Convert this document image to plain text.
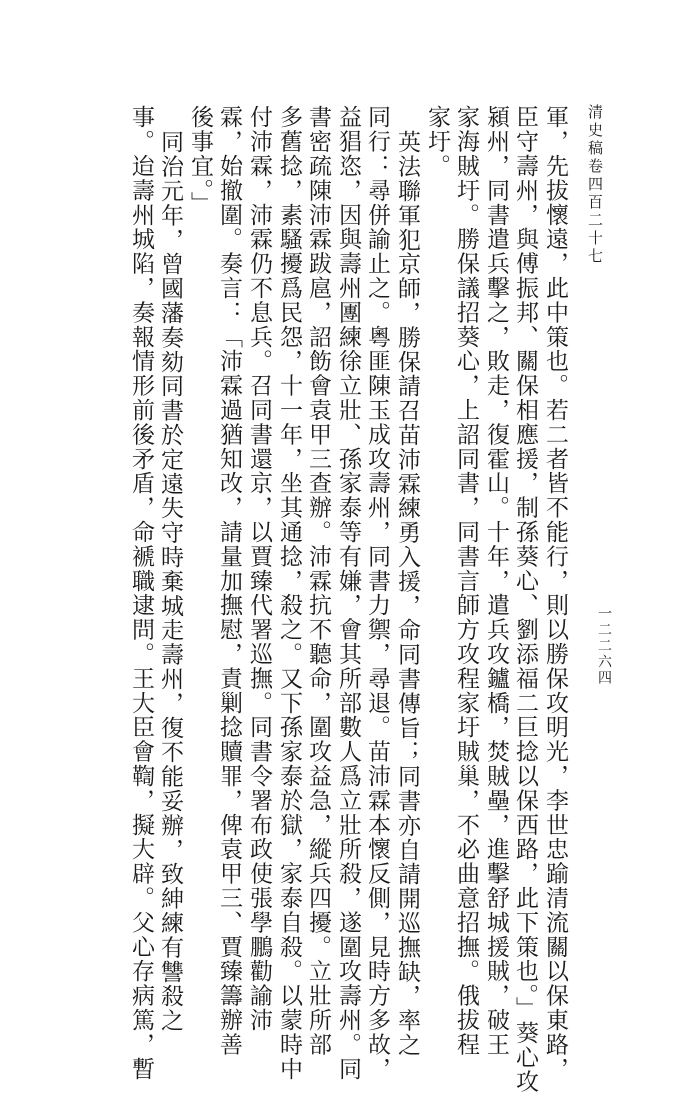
清史稿卷四百二十七
一二二六四
軍，先拔懷遠，此中策也。若二者皆不能行，則以勝保攻明光，李世忠踰清流關以保東路，
臣守壽州，與傅振邦、關保相應援，制孫葵心、劉添福二巨捻以保西路，此下策也。」葵心攻
潁州，同書遣兵擊之，敗走，復霍山。十年，遣兵攻鑪橋，焚賊壘，進擊舒城援賊，破王
家海賊圩。勝保議招葵心，上詔同書，同書言師方攻程家圩賊巢，不必曲意招撫。俄拔程
家圩。
英法聯軍犯京師，勝保請召苗沛霖練勇入援，命同書傳旨；同書亦自請開巡撫缺，率之
同行：尋併諭止之。粵匪陳玉成攻壽州，同書力禦，尋退。苗沛霖本懷反側，見時方多故，
益猖恣，因與壽州團練徐立壯、孫家泰等有嫌，會其所部數人爲立壯所殺，遂圍攻壽州。同
書密疏陳沛霖跋扈，詔飭會袁甲三查辦。沛霖抗不聽命，圍攻益急，縱兵四擾。立壯所部
多舊捻，素騷擾爲民怨，十一年，坐其通捻，殺之。又下孫家泰於獄，家泰自殺。以蒙時中
付沛霖，沛霖仍不息兵。召同書還京，以賈臻代署巡撫。同書令署布政使張學鵬勸諭沛
霖，始撤圍。奏言：「沛霖過猶知改，請量加撫慰，責剿捻贖罪，俾袁甲三、賈臻籌辦善
後事宜。」
同治元年，曾國藩奏劾同書於定遠失守時棄城走壽州，復不能妥辦，致紳練有讐殺之
事。迨壽州城陷，奏報情形前後矛盾，命褫職逮問。王大臣會鞫，擬大辟。父心存病篤，暫
